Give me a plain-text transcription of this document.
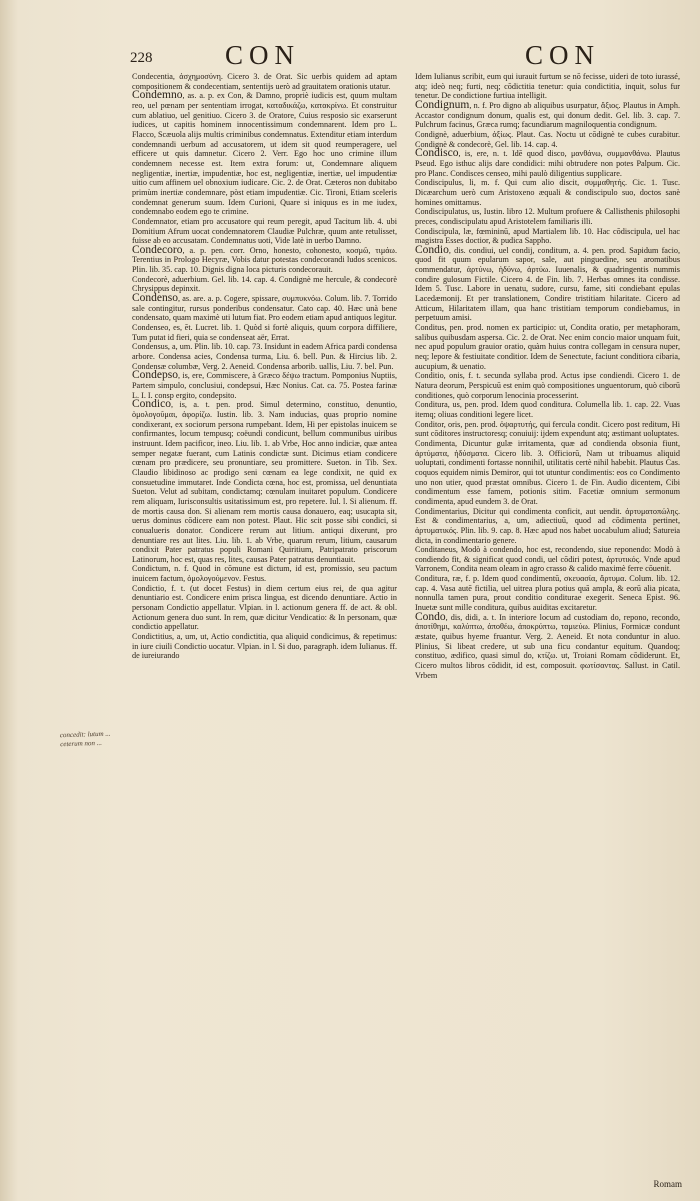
228	CON	CON
concedit: lutum ... ceterum non ...

Condecentia, ἀσχημοσύνη. Cicero 3. de Orat. Sic uerbis quidem ad aptam compositionem & condecentiam, sententijs uerò ad grauitatem orationis utatur.

Condemno, as. a. p. ex Con, & Damno, propriè iudicis est, quum multam reo, uel pœnam per sententiam irrogat, καταδικάζω, κατακρίνω. Et construitur cum ablatiuo, uel genitiuo. Cicero 3. de Oratore, Cuius resposio sic exarserunt iudices, ut capitis hominem innocentissimum condemnarent. Idem pro L. Flacco, Scæuola alijs multis criminibus condemnatus. Extenditur etiam interdum condemnandi uerbum ad accusatorem, ut idem sit quod reumperagere, uel efficere ut quis damnetur. Cicero 2. Verr. Ego hoc uno crimine illum condemnem necesse est. Item extra forum: ut, Condemnare aliquem negligentiæ, inertiæ, impudentiæ, hoc est, negligentiæ, inertiæ, uel impudentiæ uitio cum affinem uel obnoxium iudicare. Cic. 2. de Orat. Cæteros non dubitabo primùm inertiæ condemnare, pòst etiam impudentiæ. Cic. Tironi, Etiam sceleris condemnat generum suum. Idem Curioni, Quare si iniquus es in me iudex, condemnabo eodem ego te crimine.

Condemnator, etiam pro accusatore qui reum peregit, apud Tacitum lib. 4. ubi Domitium Afrum uocat condemnatorem Claudiæ Pulchræ, quum ante retulisset, fuisse ab eo accusatam. Condemnatus uoti, Vide latè in uerbo Damno.

Condecoro, a. p. pen. corr. Orno, honesto, cohonesto, κοσμῶ, τιμάω. Terentius in Prologo Hecyræ, Vobis datur potestas condecorandi ludos scenicos. Plin. lib. 35. cap. 10. Dignis digna loca picturis condecorauit.

Condecorè, aduerbium. Gel. lib. 14. cap. 4. Condignè me hercule, & condecorè Chrysippus depinxit.

Condenso, as. are. a. p. Cogere, spissare, συμπυκνόω. Colum. lib. 7. Torrido sale contingitur, rursus ponderibus condensatur. Cato cap. 40. Hæc unà bene condensato, quam maximè uti lutum fiat. Pro eodem etiam apud antiquos legitur.

Condenseo, es, ēt. Lucret. lib. 1. Quòd si fortè aliquis, quum corpora diffiliere, Tum putat id fieri, quia se condenseat aër, Errat.

Condensus, a, um. Plin. lib. 10. cap. 73. Insidunt in eadem Africa pardi condensa arbore. Condensa acies, Condensa turma, Liu. 6. bell. Pun. & Hircius lib. 2. Condensæ columbæ, Verg. 2. Aeneid. Condensa arborib. uallis, Liu. 7. bel. Pun.

Condepso, is, ere, Commiscere, à Græco δέψω tractum. Pomponius Nuptiis, Partem simpulo, conclusiui, condepsui, Hæc Nonius. Cat. ca. 75. Postea farinæ L. I. I. consp ergito, condepsito.

Condico, is, a. t. pen. prod. Simul determino, constituo, denuntio, ὁμολογοῦμαι, ἀφορίζω. Iustin. lib. 3. Nam inducias, quas proprio nomine condixerant, ex sociorum persona rumpebant. Idem, Hi per epistolas inuicem se confirmantes, locum tempusq; coëundi condicunt, bellum communibus uiribus instruunt. Idem pacificor, ineo. Liu. lib. 1. ab Vrbe, Hoc anno indiciæ, quæ antea semper negatæ fuerant, cum Latinis condictæ sunt. Dicimus etiam condicere cœnam pro prædicere, seu pronuntiare, seu promittere. Sueton. in Tib. Sex. Claudio libidinoso ac prodigo seni cœnam ea lege condixit, ne quid ex consuetudine immutaret. Inde Condicta cœna, hoc est, promissa, uel denuntiata Sueton. Velut ad subitam, condictamq; cœnulam inuitaret populum. Condicere rem aliquam, Iurisconsultis usitatissimum est, pro repetere. Iul. l. Si alienum. ff. de mortis causa don. Si alienam rem mortis causa donauero, eaq; usucapta sit, uerus dominus cōdicere eam non potest. Plaut. Hic scit posse sibi condici, si conualueris donator. Condicere rerum aut litium. antiqui dixerunt, pro denuntiare res aut lites. Liu. lib. 1. ab Vrbe, quarum rerum, litium, causarum condixit Pater patratus populi Romani Quiritium, Patripatrato priscorum Latinorum, hoc est, quas res, lites, causas Pater patratus denuntiauit.

Condictum, n. f. Quod in cōmune est dictum, id est, promissio, seu pactum inuicem factum, ὁμολογούμενον. Festus.

Condictio, f. t. (ut docet Festus) in diem certum eius rei, de qua agitur denuntiario est. Condicere enim prisca lingua, est dicendo denuntiare. Actio in personam Condictio appellatur. Vlpian. in l. actionum genera ff. de act. & obl. Actionum genera duo sunt. In rem, quæ dicitur Vendicatio: & In personam, quæ condictio appellatur.

Condictitius, a, um, ut, Actio condictitia, qua aliquid condicimus, & repetimus: in iure ciuili Condictio uocatur. Vlpian. in l. Si duo, paragraph. idem Iulianus. ff. de iureiurando

Idem Iulianus scribit, eum qui iurauit furtum se nō fecisse, uideri de toto iurassé, atq; ideò neq; furti, neq; cōdictitia tenetur: quia condictitia, inquit, solus fur tenetur. De condictione furtiua intelligit.

Condignum, n. f. Pro digno ab aliquibus usurpatur, ἄξιος. Plautus in Amph. Accastor condignum donum, qualis est, qui donum dedit. Gel. lib. 3. cap. 7. Pulchrum facinus, Græca rumq; facundiarum magniloquentia condignum.

Condignè, aduerbium, ἀξίως. Plaut. Cas. Noctu ut cōdignè te cubes curabitur. Condignè & condecorè, Gel. lib. 14. cap. 4.

Condisco, is, ere, n. t. Idē quod disco, μανθάνω, συμμανθάνω. Plautus Pseud. Ego isthuc alijs dare condidici: mihi obtrudere non potes Palpum. Cic. pro Planc. Condisces censeo, mihi paulò diligentius supplicare.

Condiscipulus, li, m. f. Qui cum alio discit, συμμαθητής. Cic. 1. Tusc. Dicæarchum uerò cum Aristoxeno æquali & condiscipulo suo, doctos sanè homines omittamus.

Condiscipulatus, us, Iustin. libro 12. Multum profuere & Callisthenis philosophi preces, condiscipulatu apud Aristotelem familiaris illi.

Condiscipula, læ, fœmininū, apud Martialem lib. 10. Hac cōdiscipula, uel hac magistra Esses doctior, & pudica Sappho.

Condio, dis. condiui, uel condij, conditum, a. 4. pen. prod. Sapidum facio, quod fit quum epularum sapor, sale, aut pinguedine, seu aromatibus commendatur, ἀρτύνω, ἡδύνω, ἀρτύω. Iuuenalis, & quadringentis nummis condire gulosum Fictile. Cicero 4. de Fin. lib. 7. Herbas omnes ita condisse. Idem 5. Tusc. Labore in uenatu, sudore, cursu, fame, siti condiebant epulas Lacedæmonij. Et per translationem, Condire tristitiam hilaritate. Cicero ad Atticum, Hilaritatem illam, qua hanc tristitiam temporum condiebamus, in perpetuum amisi.

Conditus, pen. prod. nomen ex participio: ut, Condita oratio, per metaphoram, salibus quibusdam aspersa. Cic. 2. de Orat. Nec enim concio maior unquam fuit, nec apud populum grauior oratio, quàm huius contra collegam in censura nuper, neq; lepore & festiuitate conditior. Idem de Senectute, faciunt conditiora cibaria, aucupium, & uenatio.

Conditio, onis, f. t. secunda syllaba prod. Actus ipse condiendi. Cicero 1. de Natura deorum, Perspicuū est enim quò compositiones unguentorum, quò ciborū conditiones, quò corporum lenocinia processerint.

Conditura, us, pen. prod. Idem quod conditura. Columella lib. 1. cap. 22. Vuas itemq; oliuas conditioni legere licet.

Conditor, oris, pen. prod. ὀψαρτυτής, qui fercula condit. Cicero post reditum, Hi sunt cōditores instructoresq; conuiuij: ijdem expendunt atq; æstimant uoluptates.

Condimenta, Dicuntur gulæ irritamenta, quæ ad condienda obsonia fiunt, ἀρτύματα, ἡδύσματα. Cicero lib. 3. Officiorū, Nam ut tribuamus aliquid uoluptati, condimenti fortasse nonnihil, utilitatis certè nihil habebit. Plautus Cas. coquos equidem nimis Demiror, qui tot utuntur condimentis: eos co Condimento uno non utier, quod præstat omnibus. Cicero 1. de Fin. Audio dicentem, Cibi condimentum esse famem, potionis sitim. Facetiæ omnium sermonum condimenta, apud eundem 3. de Orat.

Condimentarius, Dicitur qui condimenta conficit, aut uendit. ἀρτυματοπώλης. Est & condimentarius, a, um, adiectiuū, quod ad cōdimenta pertinet, ἀρτυματικός. Plin. lib. 9. cap. 8. Hæc apud nos habet uocabulum aliud; Satureia dicta, in condimentario genere.

Conditaneus, Modò à condendo, hoc est, recondendo, siue reponendo: Modò à condiendo fit, & significat quod condi, uel cōdiri potest, ἀρτυτικός. Vnde apud Varronem, Condita neam oleam in agro crasso & calido maximè ferre cōuenit.

Conditura, ræ, f. p. Idem quod condimentū, σκευασία, ἄρτυμα. Colum. lib. 12. cap. 4. Vasa autē fictilia, uel uitrea plura potius quā ampla, & eorū alia picata, nonnulla tamen pura, prout conditio conditurae exegerit. Seneca Epist. 96. Inuetæ sunt mille conditura, quibus auiditas excitaretur.

Condo, dis, didi, a. t. In interiore locum ad custodiam do, repono, recondo, ἀποτίθημι, καλύπτω, ἀποθέω, ἀποκρύπτω, ταμιεύω. Plinius, Formicæ condunt æstate, quibus hyeme fruantur. Verg. 2. Aeneid. Et nota conduntur in aluo. Plinius, Si libeat credere, ut sub una ficu condantur equitum. Quandoq; constituo, ædifico, quasi simul do, κτίζω. ut, Troiani Romam cōdiderunt. Et, Cicero multos libros cōdidit, id est, composuit. φωτίσαντας. Sallust. in Catil. Vrbem

Romam
